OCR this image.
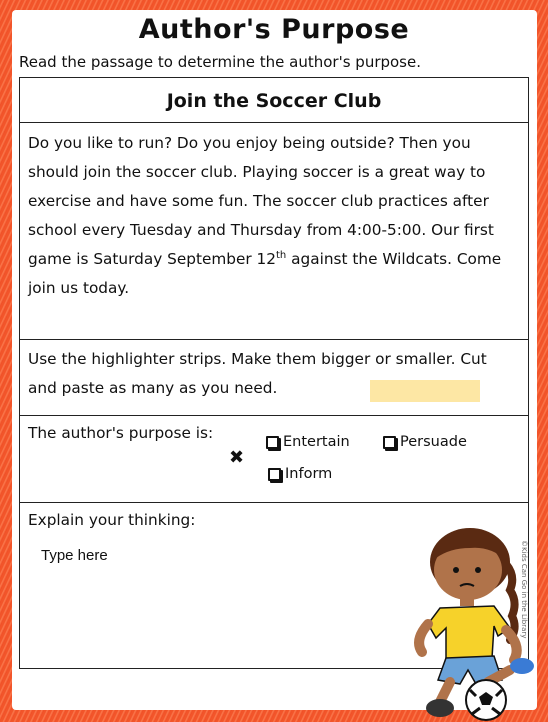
Author's Purpose
Read the passage to determine the author's purpose.
Join the Soccer Club

Do you like to run? Do you enjoy being outside? Then you should join the soccer club. Playing soccer is a great way to exercise and have some fun. The soccer club practices after school every Tuesday and Thursday from 4:00-5:00. Our first game is Saturday September 12th against the Wildcats. Come join us today.

Use the highlighter strips. Make them bigger or smaller. Cut and paste as many as you need.

The author's purpose is:
✖
Entertain	Persuade
Inform
Explain your thinking:
Type here
©Kids Can Go in the Library
